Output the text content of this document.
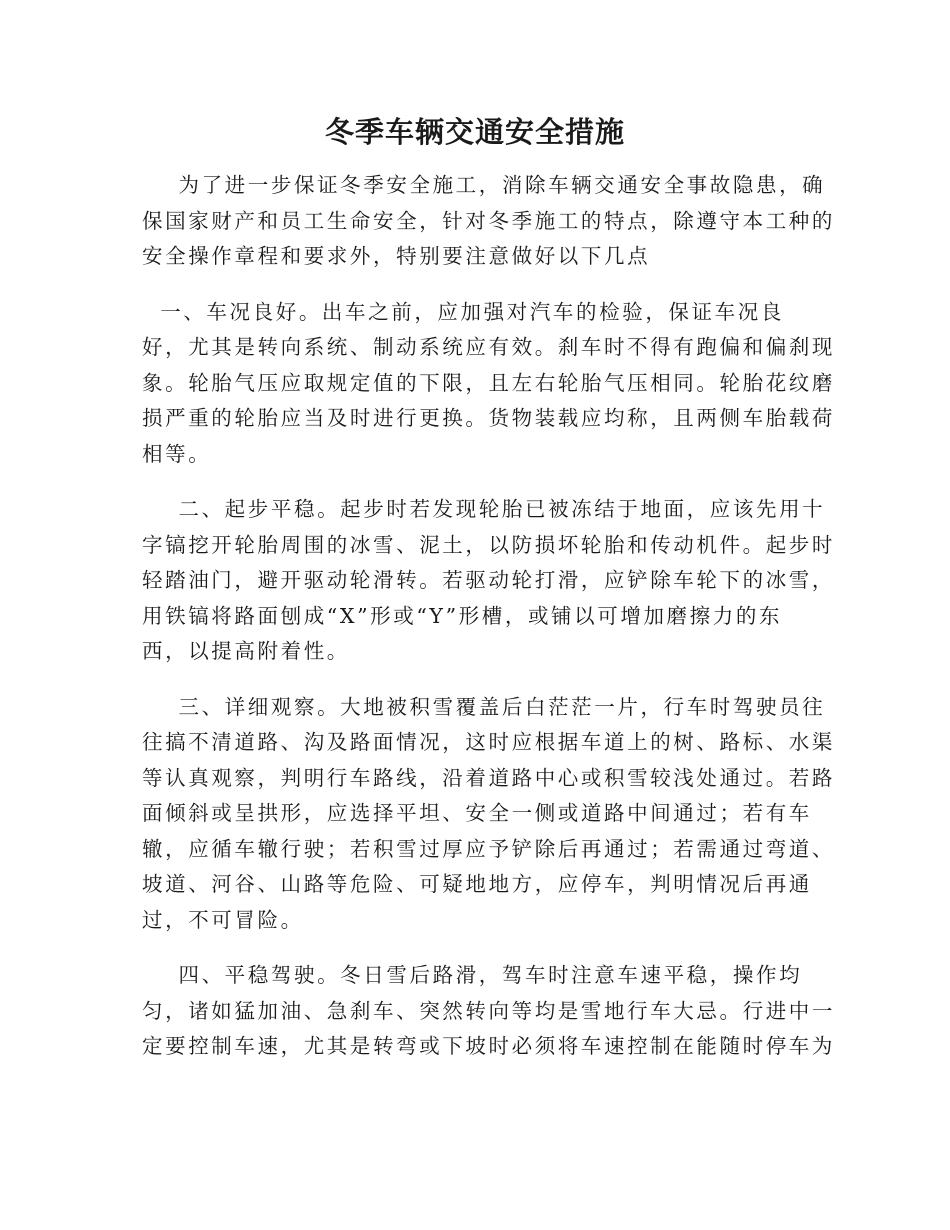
冬季车辆交通安全措施
为了进一步保证冬季安全施工，消除车辆交通安全事故隐患，确
保国家财产和员工生命安全，针对冬季施工的特点，除遵守本工种的
安全操作章程和要求外，特别要注意做好以下几点
一、车况良好。出车之前，应加强对汽车的检验，保证车况良
好，尤其是转向系统、制动系统应有效。刹车时不得有跑偏和偏刹现
象。轮胎气压应取规定值的下限，且左右轮胎气压相同。轮胎花纹磨
损严重的轮胎应当及时进行更换。货物装载应均称，且两侧车胎载荷
相等。
二、起步平稳。起步时若发现轮胎已被冻结于地面，应该先用十
字镐挖开轮胎周围的冰雪、泥土，以防损坏轮胎和传动机件。起步时
轻踏油门，避开驱动轮滑转。若驱动轮打滑，应铲除车轮下的冰雪，
用铁镐将路面刨成“X”形或“Y”形槽，或铺以可增加磨擦力的东
西，以提高附着性。
三、详细观察。大地被积雪覆盖后白茫茫一片，行车时驾驶员往
往搞不清道路、沟及路面情况，这时应根据车道上的树、路标、水渠
等认真观察，判明行车路线，沿着道路中心或积雪较浅处通过。若路
面倾斜或呈拱形，应选择平坦、安全一侧或道路中间通过；若有车
辙，应循车辙行驶；若积雪过厚应予铲除后再通过；若需通过弯道、
坡道、河谷、山路等危险、可疑地地方，应停车，判明情况后再通
过，不可冒险。
四、平稳驾驶。冬日雪后路滑，驾车时注意车速平稳，操作均
匀，诸如猛加油、急刹车、突然转向等均是雪地行车大忌。行进中一
定要控制车速，尤其是转弯或下坡时必须将车速控制在能随时停车为
